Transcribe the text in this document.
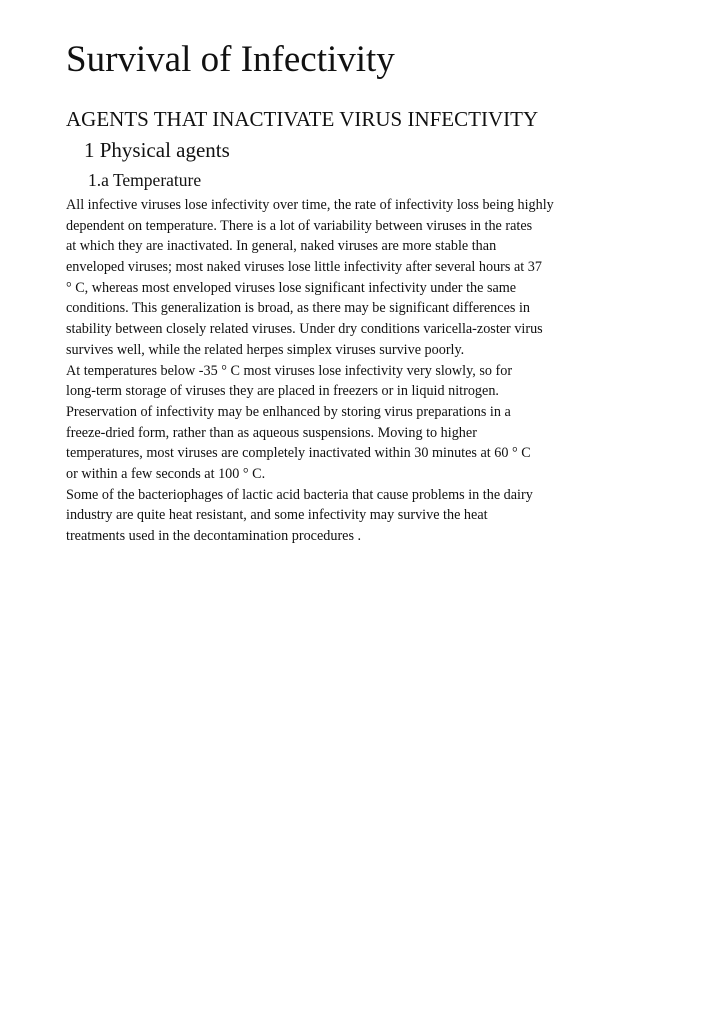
Survival of Infectivity
AGENTS THAT INACTIVATE VIRUS INFECTIVITY
1 Physical agents
1.a Temperature
All infective viruses lose infectivity over time, the rate of infectivity loss being highly
dependent on temperature. There is a lot of variability between viruses in the rates
at which they are inactivated. In general, naked viruses are more stable than
enveloped viruses; most naked viruses lose little infectivity after several hours at 37
° C, whereas most enveloped viruses lose significant infectivity under the same
conditions. This generalization is broad, as there may be significant differences in
stability between closely related viruses. Under dry conditions varicella-zoster virus
survives well, while the related herpes simplex viruses survive poorly.
At temperatures below -35 ° C most viruses lose infectivity very slowly, so for
long-term storage of viruses they are placed in freezers or in liquid nitrogen.
Preservation of infectivity may be enlhanced by storing virus preparations in a
freeze-dried form, rather than as aqueous suspensions. Moving to higher
temperatures, most viruses are completely inactivated within 30 minutes at 60 ° C
or within a few seconds at 100 ° C.
Some of the bacteriophages of lactic acid bacteria that cause problems in the dairy
industry are quite heat resistant, and some infectivity may survive the heat
treatments used in the decontamination procedures .
